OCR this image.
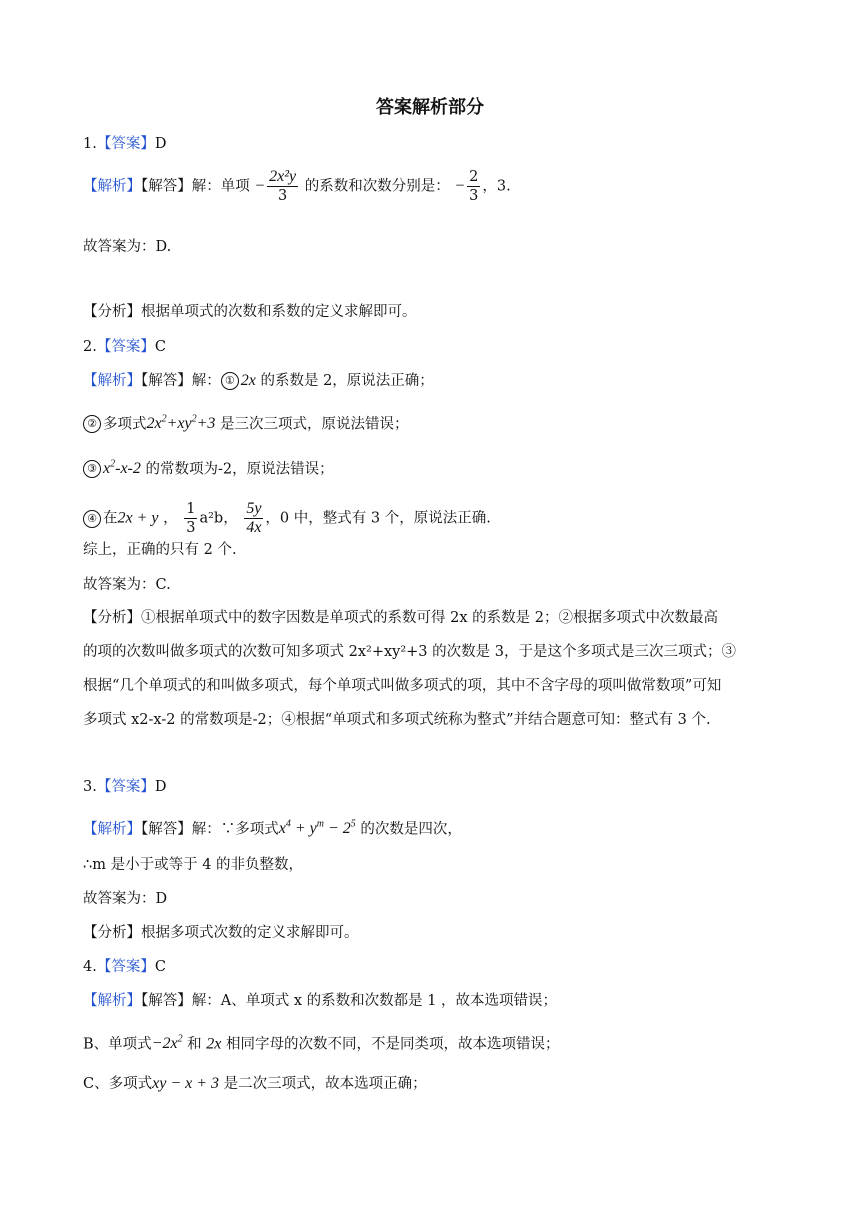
答案解析部分
1.【答案】D
【解析】【解答】解：单项 − $\frac{\text{2x²y}}{3}$ 的系数和次数分别是： − $\frac{2}{3}$ ，3.
故答案为：D.
【分析】根据单项式的次数和系数的定义求解即可。
2.【答案】C
【解析】【解答】解： ① 2x 的系数是 2，原说法正确；
② 多项式$2x^2+xy^2+3$ 是三次三项式，原说法错误；
③ $x^2-x-2$ 的常数项为-2，原说法错误；
④ 在2x + y ， $\frac{1}{3} a^2b$， $\frac{5y}{4x}$ ，0 中，整式有 3 个，原说法正确.
综上，正确的只有 2 个.
故答案为：C.
【分析】①根据单项式中的数字因数是单项式的系数可得 2x 的系数是 2；②根据多项式中次数最高
的项的次数叫做多项式的次数可知多项式 2x²+xy²+3 的次数是 3，于是这个多项式是三次三项式；③
根据“几个单项式的和叫做多项式，每个单项式叫做多项式的项，其中不含字母的项叫做常数项”可知
多项式 x2-x-2 的常数项是-2；④根据“单项式和多项式统称为整式”并结合题意可知：整式有 3 个.
3.【答案】D
【解析】【解答】解：∵多项式$x^4 + y^m - 2^5$ 的次数是四次，
∴m 是小于或等于 4 的非负整数，
故答案为：D
【分析】根据多项式次数的定义求解即可。
4.【答案】C
【解析】【解答】解：A、单项式 x 的系数和次数都是 1 ，故本选项错误；
B、单项式$-2x^2$ 和 2x 相同字母的次数不同，不是同类项，故本选项错误；
C、多项式xy − x + 3 是二次三项式，故本选项正确；
